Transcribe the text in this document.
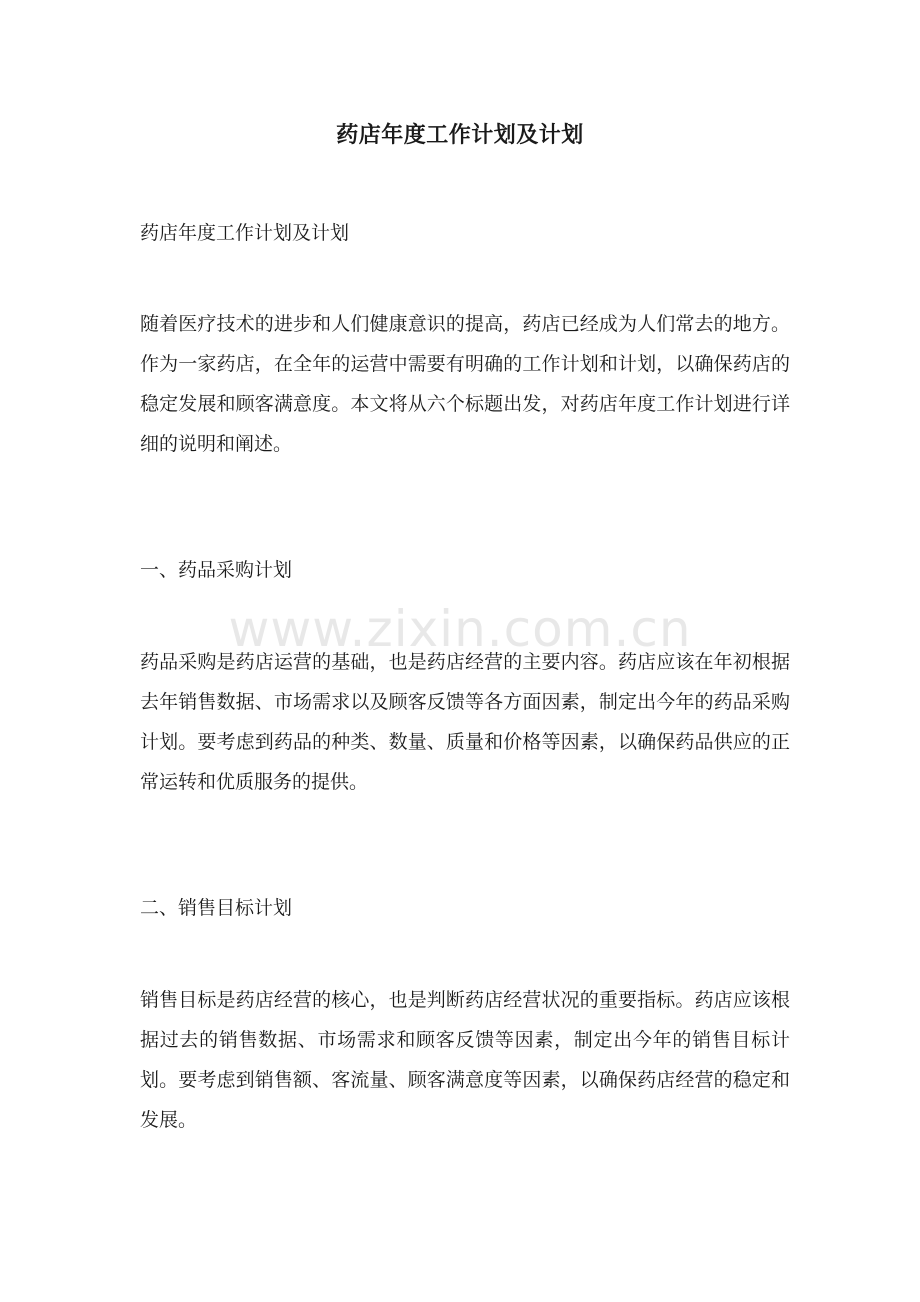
药店年度工作计划及计划
药店年度工作计划及计划
随着医疗技术的进步和人们健康意识的提高，药店已经成为人们常去的地方。作为一家药店，在全年的运营中需要有明确的工作计划和计划，以确保药店的稳定发展和顾客满意度。本文将从六个标题出发，对药店年度工作计划进行详细的说明和阐述。
一、药品采购计划
药品采购是药店运营的基础，也是药店经营的主要内容。药店应该在年初根据去年销售数据、市场需求以及顾客反馈等各方面因素，制定出今年的药品采购计划。要考虑到药品的种类、数量、质量和价格等因素，以确保药品供应的正常运转和优质服务的提供。
二、销售目标计划
销售目标是药店经营的核心，也是判断药店经营状况的重要指标。药店应该根据过去的销售数据、市场需求和顾客反馈等因素，制定出今年的销售目标计划。要考虑到销售额、客流量、顾客满意度等因素，以确保药店经营的稳定和发展。
www.zixin.com.cn
